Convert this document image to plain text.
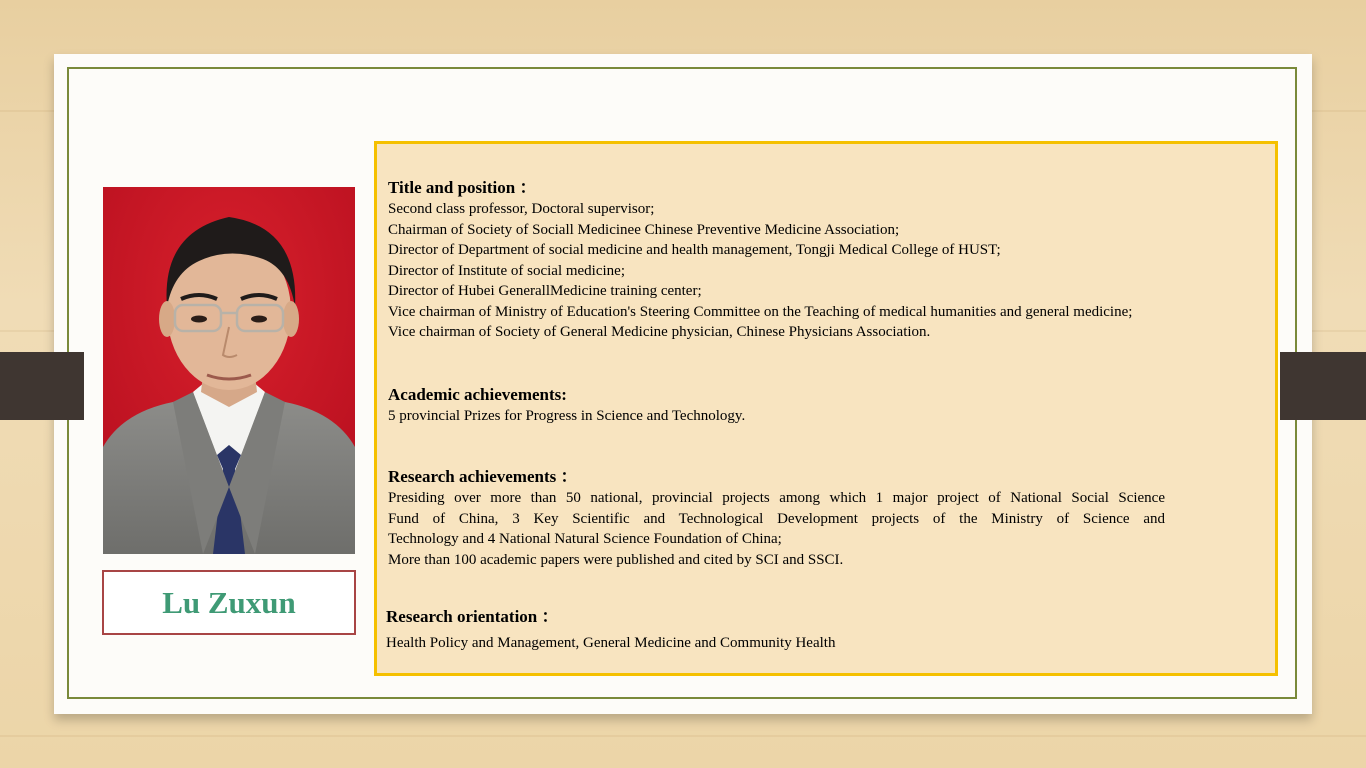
Lu Zuxun
Title and position ：
Second class professor, Doctoral supervisor;
Chairman of Society of Sociall Medicinee Chinese Preventive Medicine Association;
Director of Department of social medicine and health management, Tongji Medical College of HUST;
Director of Institute of social medicine;
Director of Hubei GenerallMedicine training center;
Vice chairman of Ministry of Education's Steering Committee on the Teaching of medical humanities and general medicine;
Vice chairman of Society of General Medicine physician, Chinese Physicians Association.
Academic achievements:
5 provincial Prizes for Progress in Science and Technology.
Research achievements ：
Presiding over more than 50 national, provincial projects among which 1 major project of National Social Science
Fund of China, 3 Key Scientific and Technological Development projects of the Ministry of Science and
Technology and 4 National Natural Science Foundation of China;
More than 100 academic papers were published and cited by SCI and SSCI.
Research orientation ：
Health Policy and Management, General Medicine and Community Health
